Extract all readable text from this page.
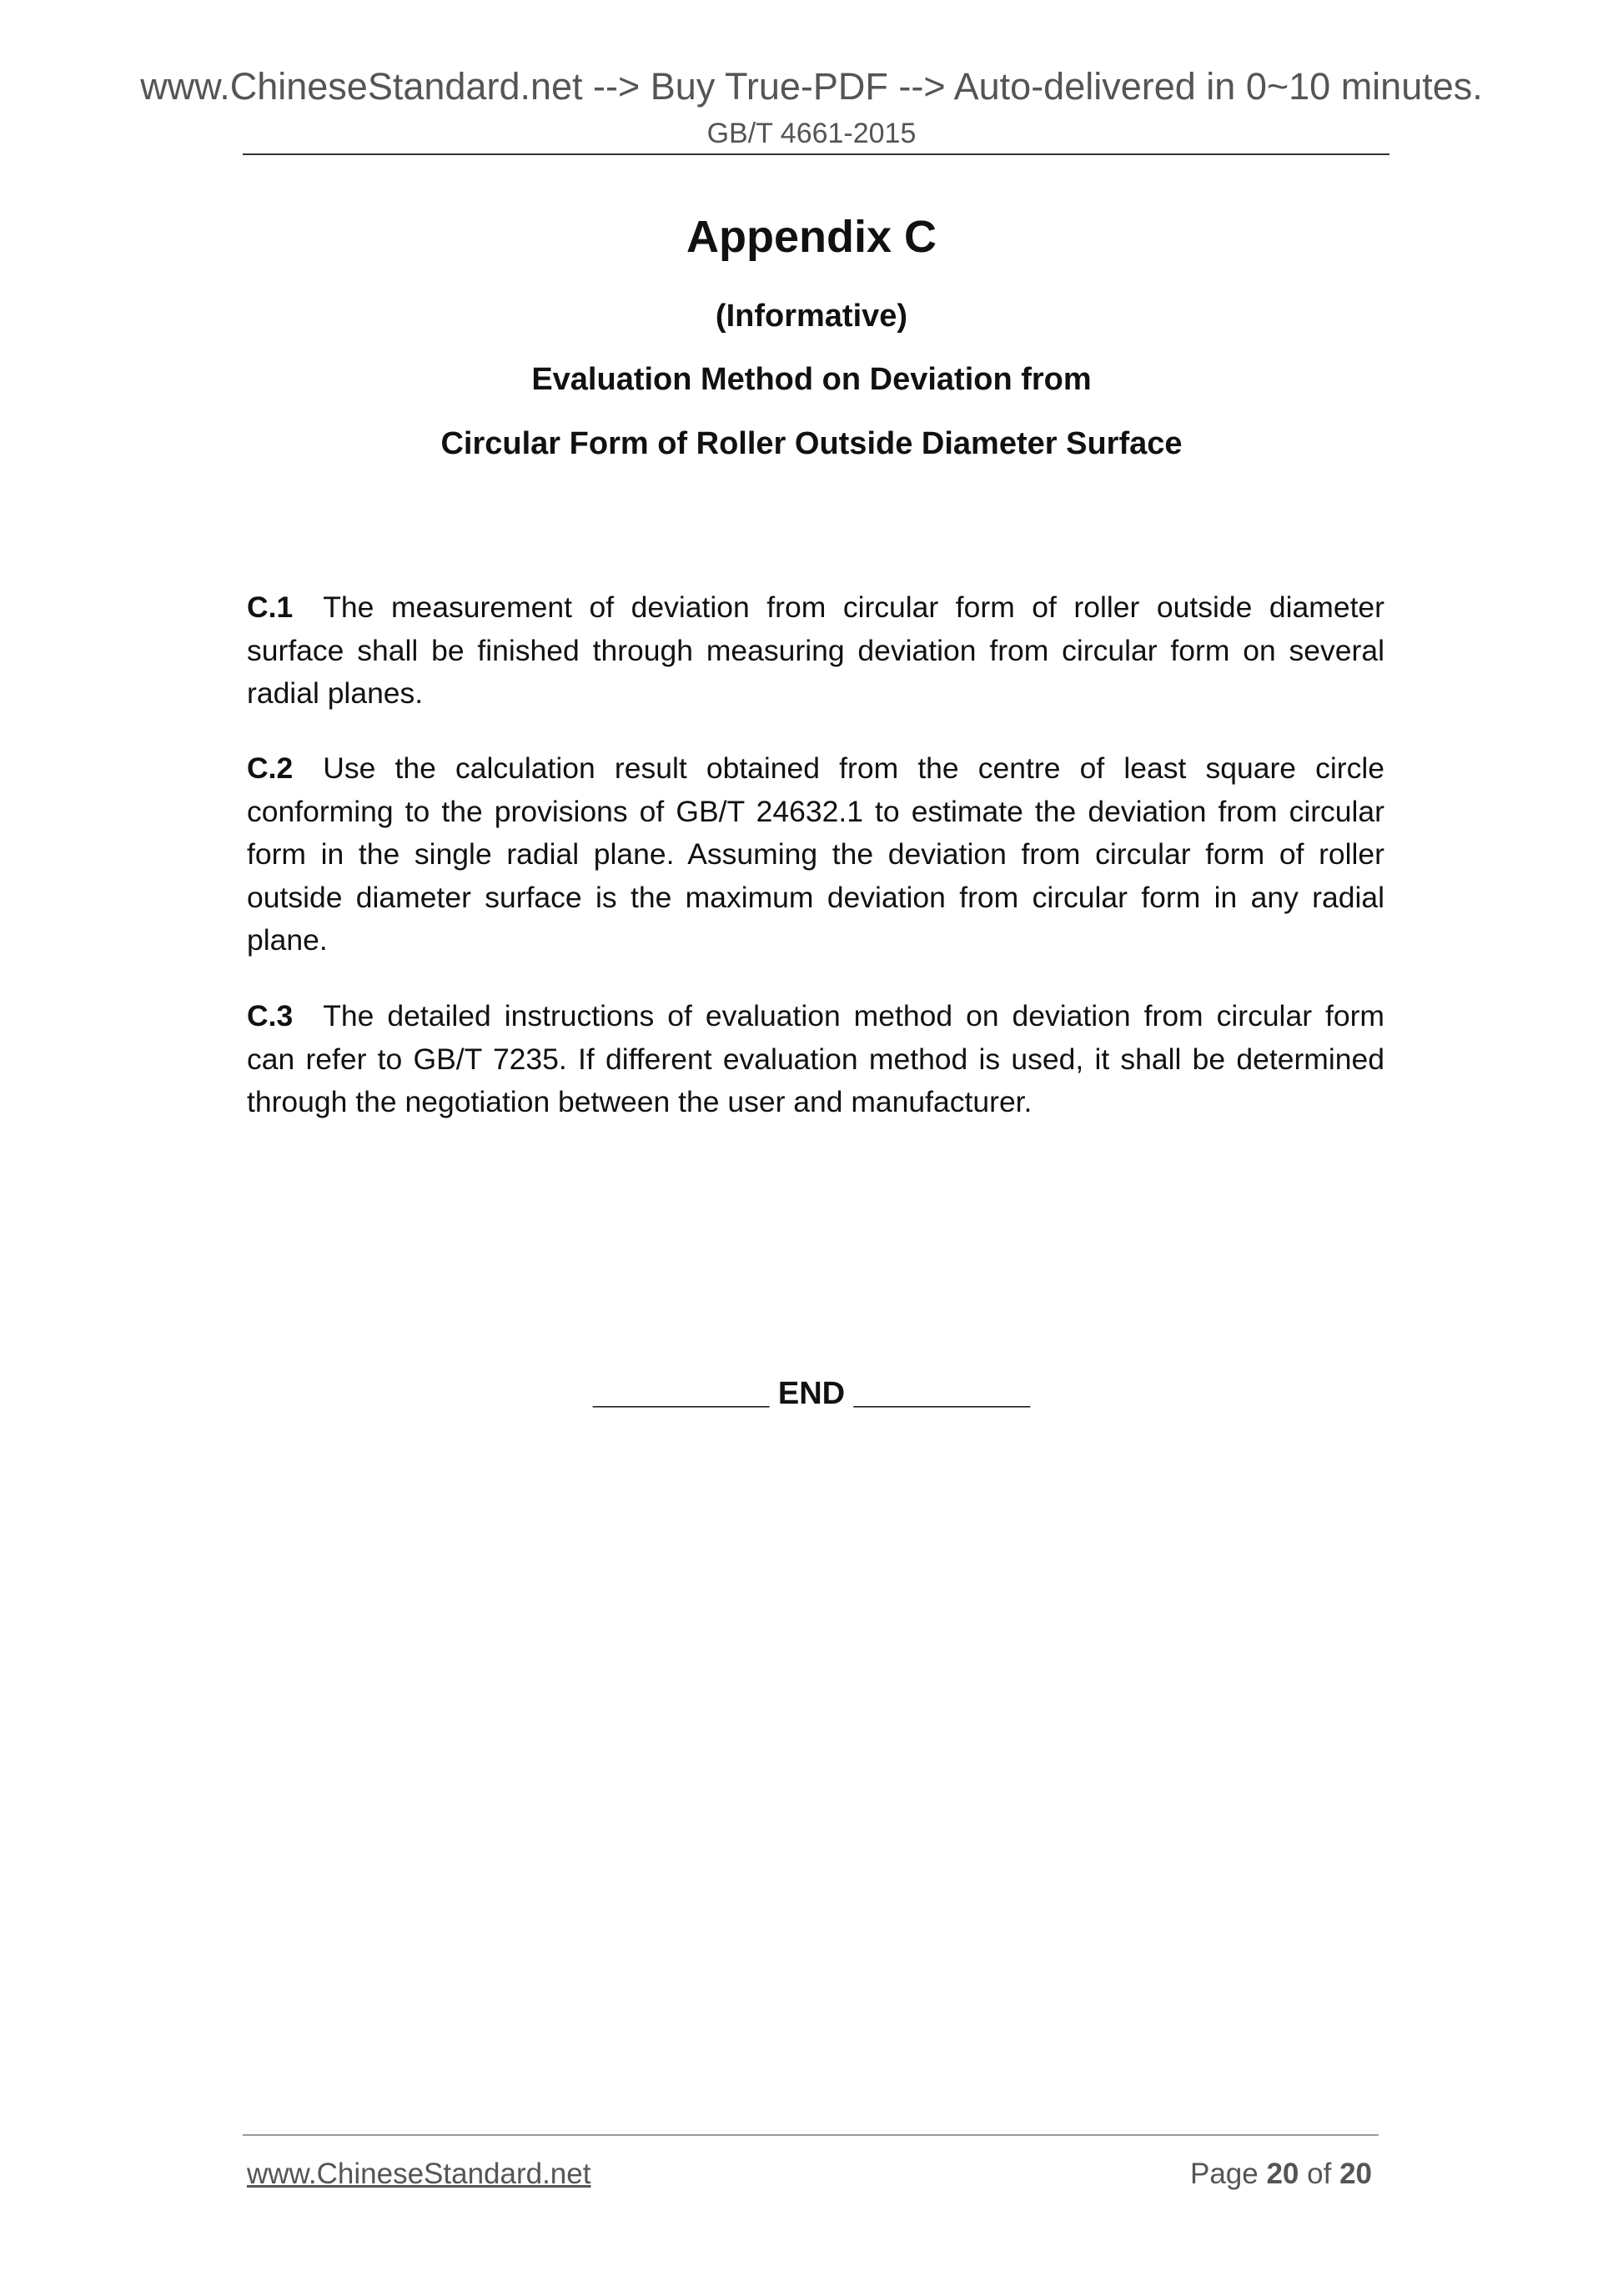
www.ChineseStandard.net --> Buy True-PDF --> Auto-delivered in 0~10 minutes.
GB/T 4661-2015
Appendix C
(Informative)
Evaluation Method on Deviation from
Circular Form of Roller Outside Diameter Surface
C.1 The measurement of deviation from circular form of roller outside diameter surface shall be finished through measuring deviation from circular form on several radial planes.
C.2 Use the calculation result obtained from the centre of least square circle conforming to the provisions of GB/T 24632.1 to estimate the deviation from circular form in the single radial plane. Assuming the deviation from circular form of roller outside diameter surface is the maximum deviation from circular form in any radial plane.
C.3 The detailed instructions of evaluation method on deviation from circular form can refer to GB/T 7235. If different evaluation method is used, it shall be determined through the negotiation between the user and manufacturer.
__________ END __________
www.ChineseStandard.net	Page 20 of 20
